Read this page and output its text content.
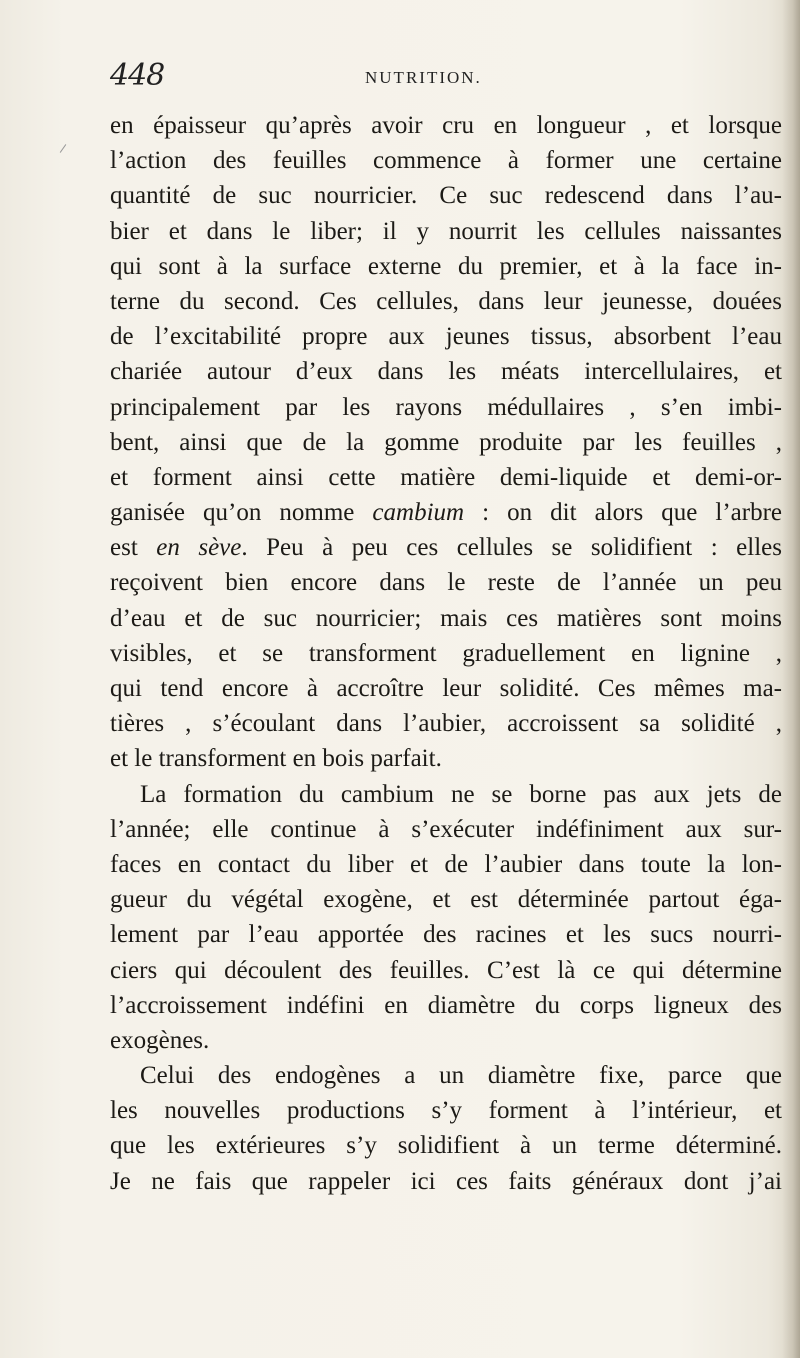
448	NUTRITION.
en épaisseur qu’après avoir cru en longueur , et lorsque
l’action des feuilles commence à former une certaine
quantité de suc nourricier. Ce suc redescend dans l’au-
bier et dans le liber; il y nourrit les cellules naissantes
qui sont à la surface externe du premier, et à la face in-
terne du second. Ces cellules, dans leur jeunesse, douées
de l’excitabilité propre aux jeunes tissus, absorbent l’eau
chariée autour d’eux dans les méats intercellulaires, et
principalement par les rayons médullaires , s’en imbi-
bent, ainsi que de la gomme produite par les feuilles ,
et forment ainsi cette matière demi-liquide et demi-or-
ganisée qu’on nomme cambium : on dit alors que l’arbre
est en sève. Peu à peu ces cellules se solidifient : elles
reçoivent bien encore dans le reste de l’année un peu
d’eau et de suc nourricier; mais ces matières sont moins
visibles, et se transforment graduellement en lignine ,
qui tend encore à accroître leur solidité. Ces mêmes ma-
tières , s’écoulant dans l’aubier, accroissent sa solidité ,
et le transforment en bois parfait.
La formation du cambium ne se borne pas aux jets de
l’année; elle continue à s’exécuter indéfiniment aux sur-
faces en contact du liber et de l’aubier dans toute la lon-
gueur du végétal exogène, et est déterminée partout éga-
lement par l’eau apportée des racines et les sucs nourri-
ciers qui découlent des feuilles. C’est là ce qui détermine
l’accroissement indéfini en diamètre du corps ligneux des
exogènes.
Celui des endogènes a un diamètre fixe, parce que
les nouvelles productions s’y forment à l’intérieur, et
que les extérieures s’y solidifient à un terme déterminé.
Je ne fais que rappeler ici ces faits généraux dont j’ai
